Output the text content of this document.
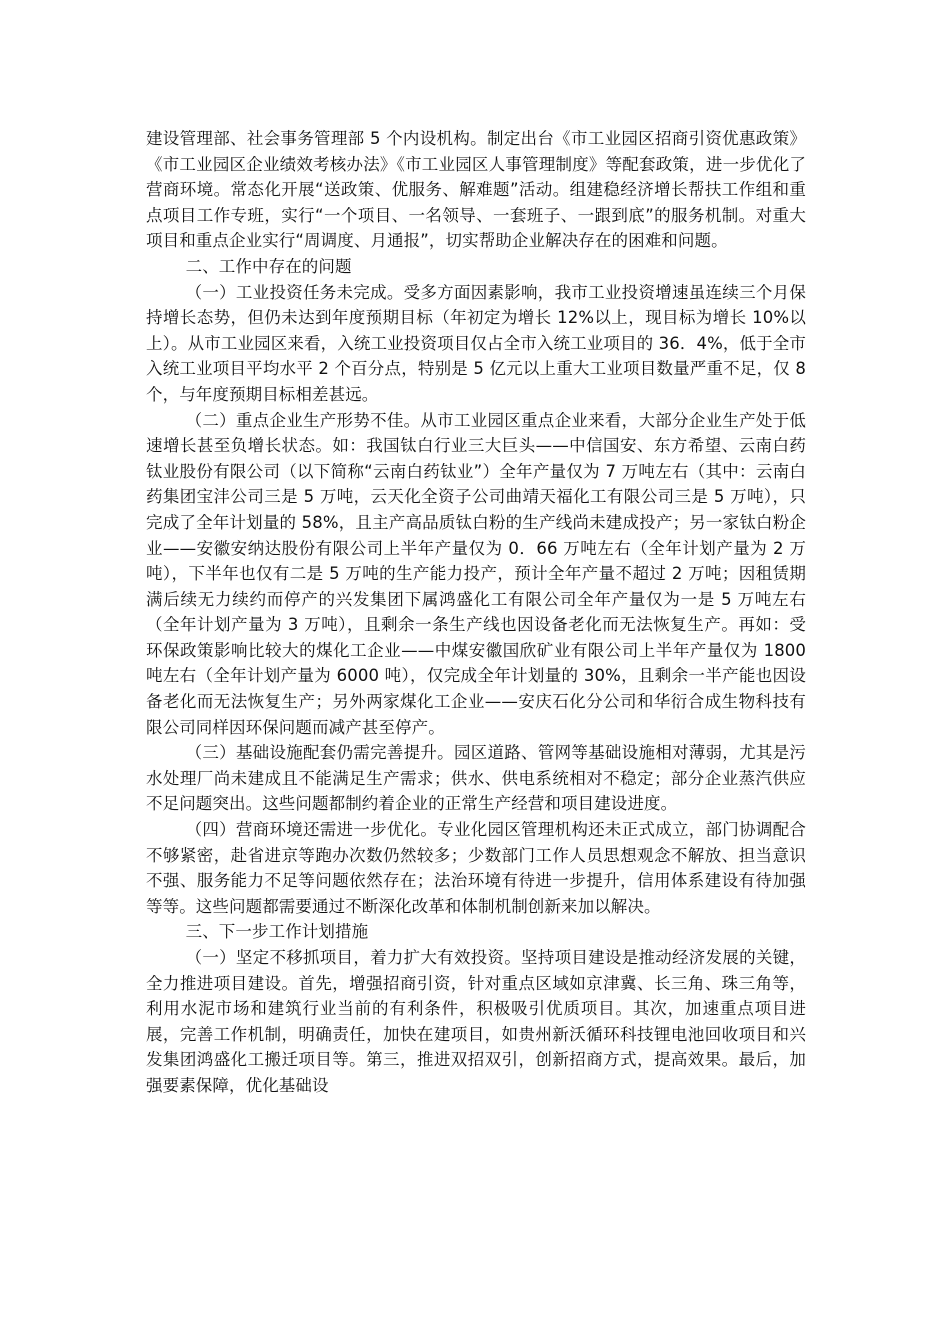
建设管理部、社会事务管理部 5 个内设机构。制定出台《市工业园区招商引资优惠政策》《市工业园区企业绩效考核办法》《市工业园区人事管理制度》等配套政策，进一步优化了营商环境。常态化开展“送政策、优服务、解难题”活动。组建稳经济增长帮扶工作组和重点项目工作专班，实行“一个项目、一名领导、一套班子、一跟到底”的服务机制。对重大项目和重点企业实行“周调度、月通报”，切实帮助企业解决存在的困难和问题。

二、工作中存在的问题

（一）工业投资任务未完成。受多方面因素影响，我市工业投资增速虽连续三个月保持增长态势，但仍未达到年度预期目标（年初定为增长 12%以上，现目标为增长 10%以上）。从市工业园区来看，入统工业投资项目仅占全市入统工业项目的 36．4%，低于全市入统工业项目平均水平 2 个百分点，特别是 5 亿元以上重大工业项目数量严重不足，仅 8 个，与年度预期目标相差甚远。

（二）重点企业生产形势不佳。从市工业园区重点企业来看，大部分企业生产处于低速增长甚至负增长状态。如：我国钛白行业三大巨头——中信国安、东方希望、云南白药钛业股份有限公司（以下简称“云南白药钛业”）全年产量仅为 7 万吨左右（其中：云南白药集团宝沣公司三是 5 万吨，云天化全资子公司曲靖天福化工有限公司三是 5 万吨），只完成了全年计划量的 58%，且主产高品质钛白粉的生产线尚未建成投产；另一家钛白粉企业——安徽安纳达股份有限公司上半年产量仅为 0．66 万吨左右（全年计划产量为 2 万吨），下半年也仅有二是 5 万吨的生产能力投产，预计全年产量不超过 2 万吨；因租赁期满后续无力续约而停产的兴发集团下属鸿盛化工有限公司全年产量仅为一是 5 万吨左右（全年计划产量为 3 万吨），且剩余一条生产线也因设备老化而无法恢复生产。再如：受环保政策影响比较大的煤化工企业——中煤安徽国欣矿业有限公司上半年产量仅为 1800 吨左右（全年计划产量为 6000 吨），仅完成全年计划量的 30%，且剩余一半产能也因设备老化而无法恢复生产；另外两家煤化工企业——安庆石化分公司和华衍合成生物科技有限公司同样因环保问题而减产甚至停产。

（三）基础设施配套仍需完善提升。园区道路、管网等基础设施相对薄弱，尤其是污水处理厂尚未建成且不能满足生产需求；供水、供电系统相对不稳定；部分企业蒸汽供应不足问题突出。这些问题都制约着企业的正常生产经营和项目建设进度。

（四）营商环境还需进一步优化。专业化园区管理机构还未正式成立，部门协调配合不够紧密，赴省进京等跑办次数仍然较多；少数部门工作人员思想观念不解放、担当意识不强、服务能力不足等问题依然存在；法治环境有待进一步提升，信用体系建设有待加强等等。这些问题都需要通过不断深化改革和体制机制创新来加以解决。

三、下一步工作计划措施

（一）坚定不移抓项目，着力扩大有效投资。坚持项目建设是推动经济发展的关键，全力推进项目建设。首先，增强招商引资，针对重点区域如京津冀、长三角、珠三角等，利用水泥市场和建筑行业当前的有利条件，积极吸引优质项目。其次，加速重点项目进展，完善工作机制，明确责任，加快在建项目，如贵州新沃循环科技锂电池回收项目和兴发集团鸿盛化工搬迁项目等。第三，推进双招双引，创新招商方式，提高效果。最后，加强要素保障，优化基础设
